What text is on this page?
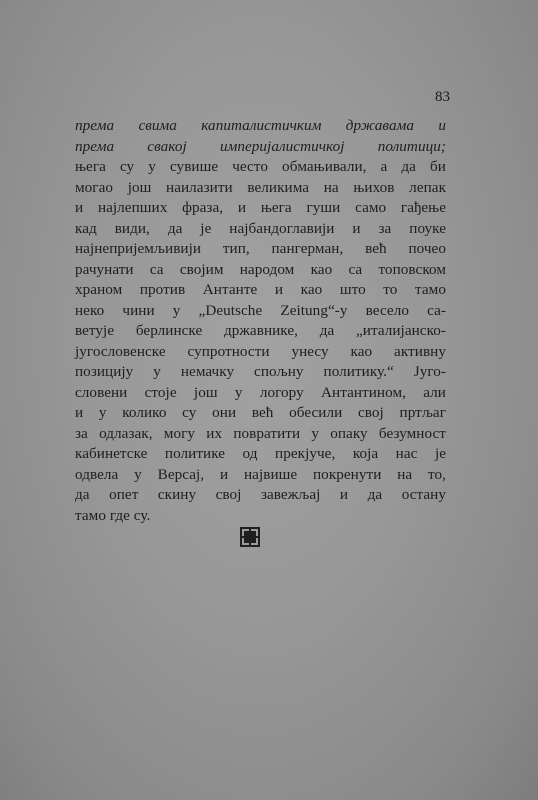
83
према свима капиталистичким државама и
према свакој империјалистичкој политици;
њега су у сувише често обмањивали, а да би
могао још наилазити великима на њихов лепак
и најлепших фраза, и њега гуши само гађење
кад види, да је најбандоглавији и за поуке
најнепријемљивији тип, пангерман, већ почео
рачунати са својим народом као са топовском
храном против Антанте и као што то тамо
неко чини у „Deutsche Zeitung“-у весело са-
ветује берлинске државнике, да „италијанско-
југословенске супротности унесу као активну
позицију у немачку спољну политику.“ Југо-
словени стоје још у логору Антантином, али
и у колико су они већ обесили свој пртљаг
за одлазак, могу их повратити у опаку безумност
кабинетске политике од прекјуче, која нас је
одвела у Версај, и највише покренути на то,
да опет скину свој завежљај и да остану
тамо где су.
